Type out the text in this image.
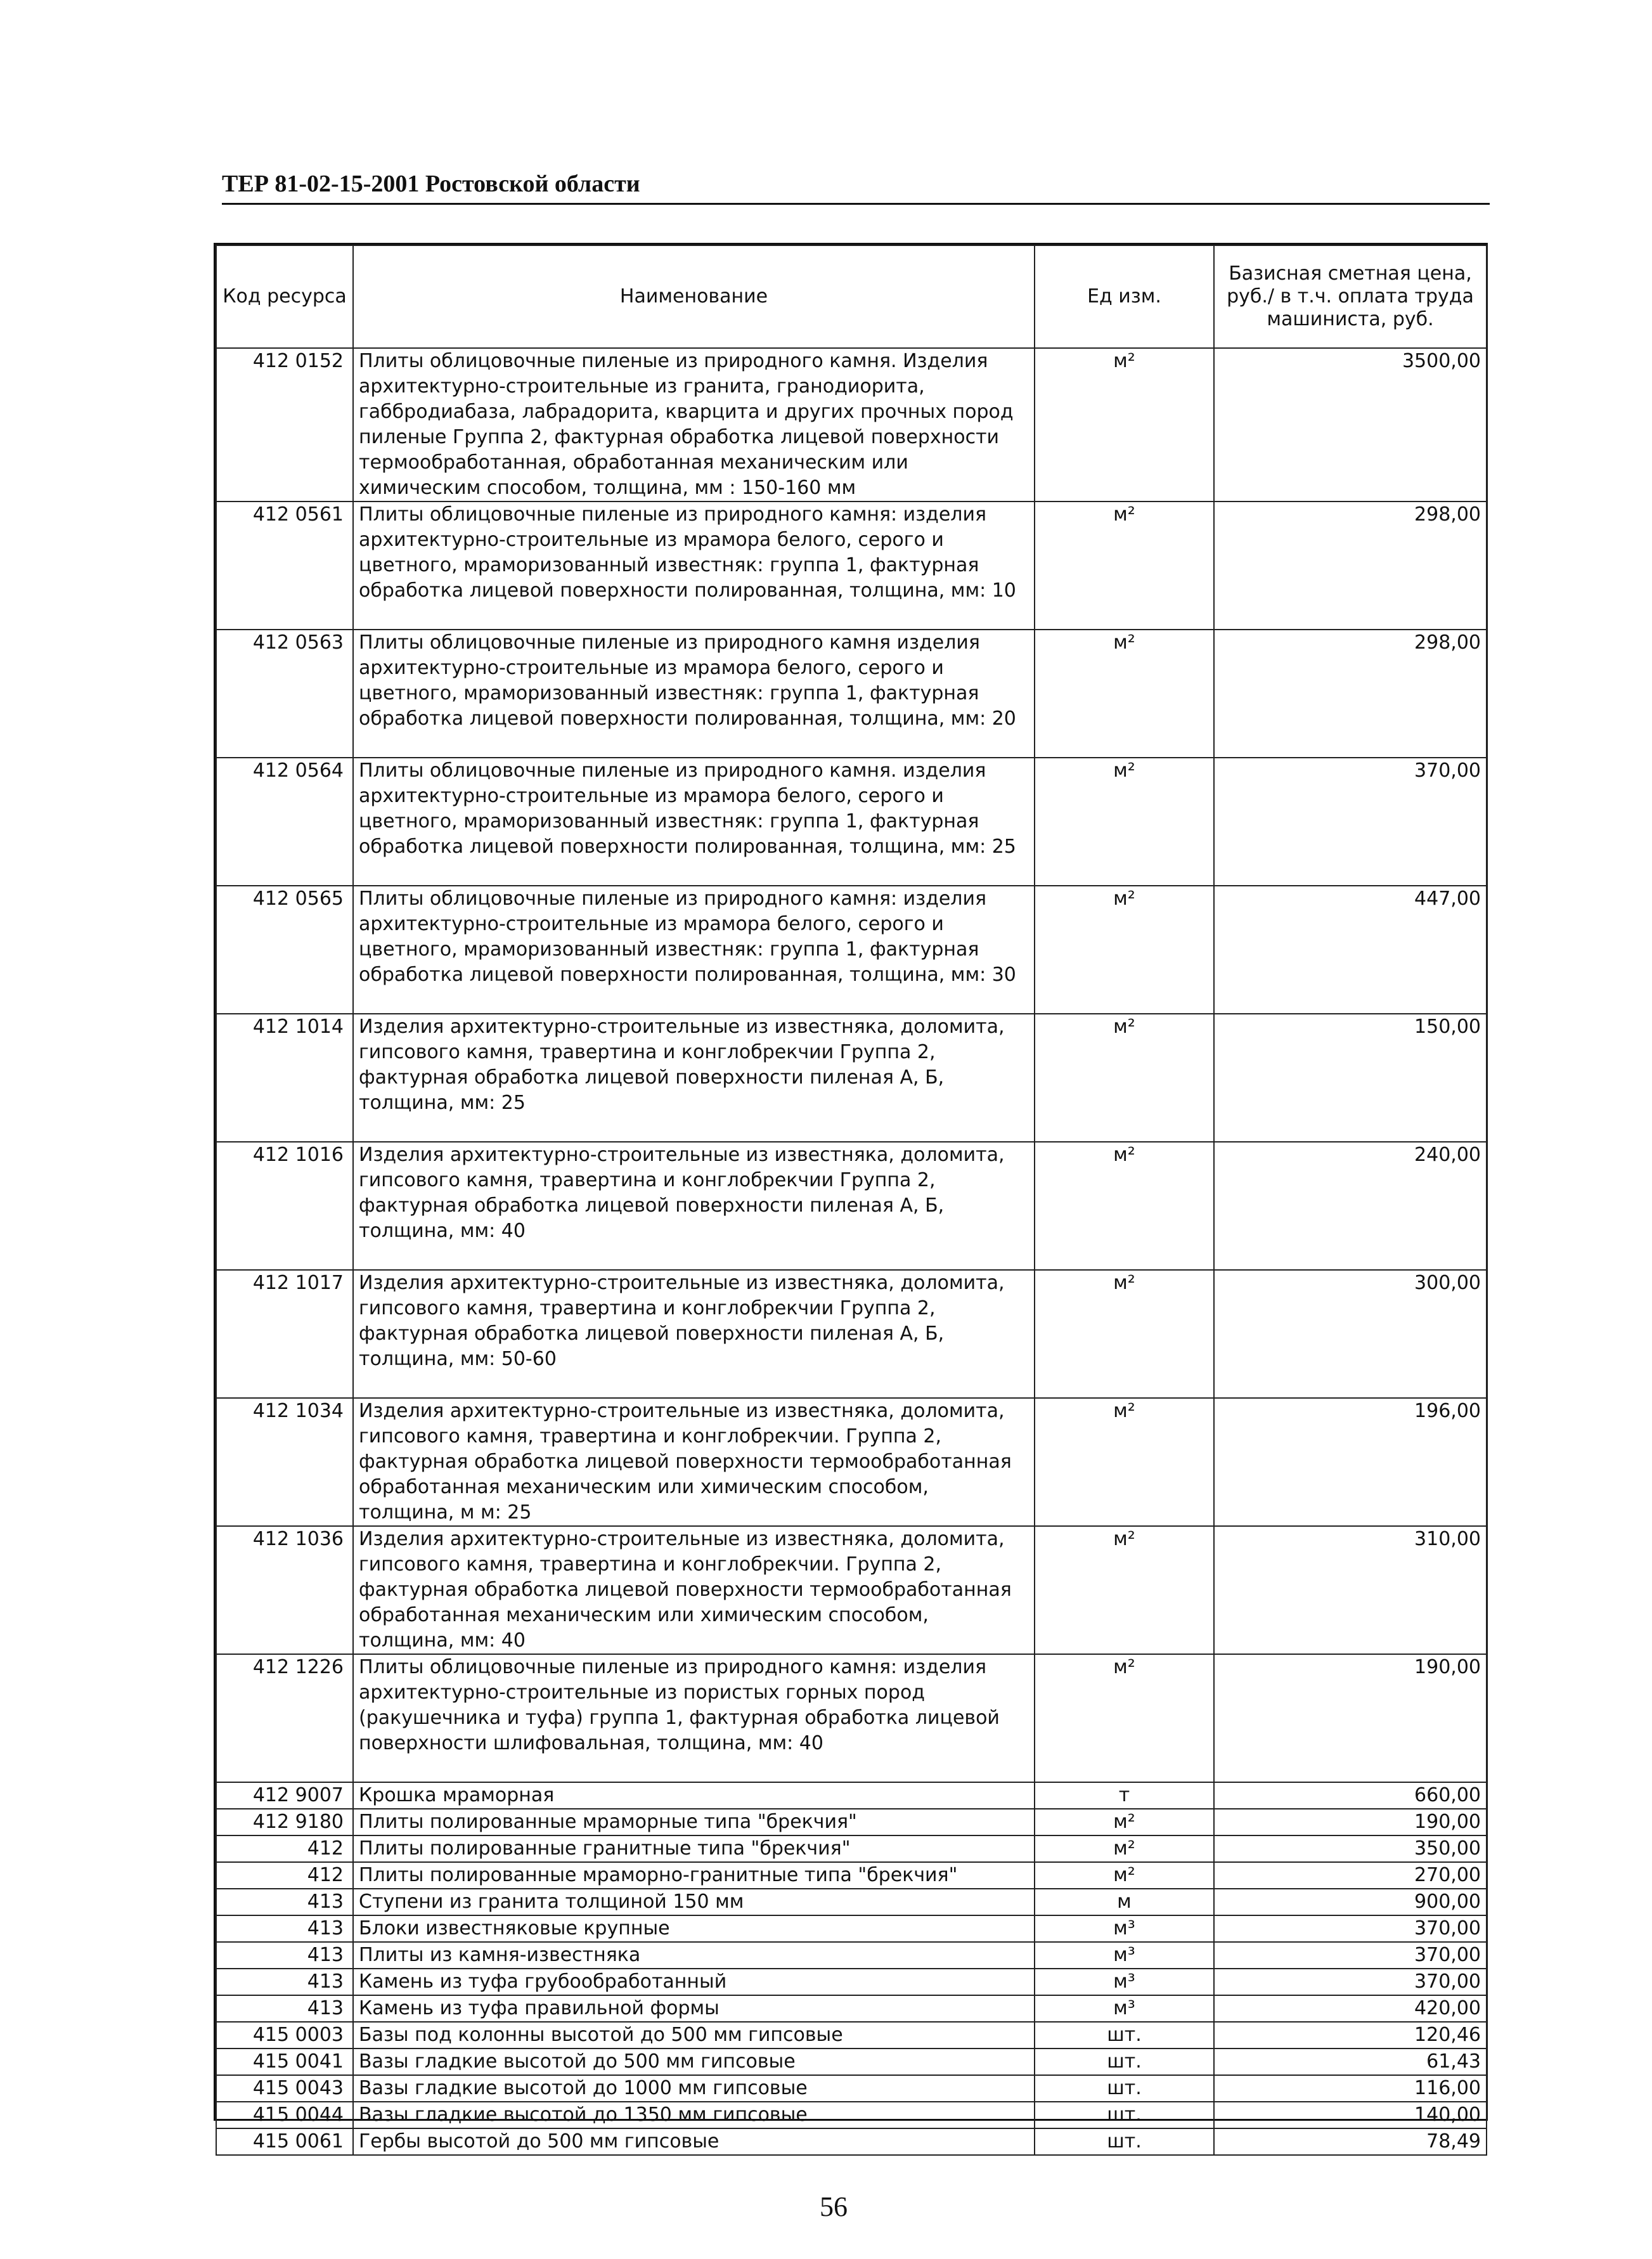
ТЕР 81-02-15-2001 Ростовской области
Код ресурса	Наименование	Ед изм.	Базисная сметная цена, руб./ в т.ч. оплата труда машиниста, руб.
412 0152	Плиты облицовочные пиленые из природного камня. Изделия архитектурно-строительные из гранита, гранодиорита, габбродиабаза, лабрадорита, кварцита и других прочных пород пиленые Группа 2, фактурная обработка лицевой поверхности термообработанная, обработанная механическим или химическим способом, толщина, мм : 150-160 мм	м²	3500,00
412 0561	Плиты облицовочные пиленые из природного камня: изделия архитектурно-строительные из мрамора белого, серого и цветного, мраморизованный известняк: группа 1, фактурная обработка лицевой поверхности полированная, толщина, мм: 10	м²	298,00
412 0563	Плиты облицовочные пиленые из природного камня изделия архитектурно-строительные из мрамора белого, серого и цветного, мраморизованный известняк: группа 1, фактурная обработка лицевой поверхности полированная, толщина, мм: 20	м²	298,00
412 0564	Плиты облицовочные пиленые из природного камня. изделия архитектурно-строительные из мрамора белого, серого и цветного, мраморизованный известняк: группа 1, фактурная обработка лицевой поверхности полированная, толщина, мм: 25	м²	370,00
412 0565	Плиты облицовочные пиленые из природного камня: изделия архитектурно-строительные из мрамора белого, серого и цветного, мраморизованный известняк: группа 1, фактурная обработка лицевой поверхности полированная, толщина, мм: 30	м²	447,00
412 1014	Изделия архитектурно-строительные из известняка, доломита, гипсового камня, травертина и конглобрекчии Группа 2, фактурная обработка лицевой поверхности пиленая А, Б, толщина, мм: 25	м²	150,00
412 1016	Изделия архитектурно-строительные из известняка, доломита, гипсового камня, травертина и конглобрекчии Группа 2, фактурная обработка лицевой поверхности пиленая А, Б, толщина, мм: 40	м²	240,00
412 1017	Изделия архитектурно-строительные из известняка, доломита, гипсового камня, травертина и конглобрекчии Группа 2, фактурная обработка лицевой поверхности пиленая А, Б, толщина, мм: 50-60	м²	300,00
412 1034	Изделия архитектурно-строительные из известняка, доломита, гипсового камня, травертина и конглобрекчии. Группа 2, фактурная обработка лицевой поверхности термообработанная обработанная механическим или химическим способом, толщина, м м: 25	м²	196,00
412 1036	Изделия архитектурно-строительные из известняка, доломита, гипсового камня, травертина и конглобрекчии. Группа 2, фактурная обработка лицевой поверхности термообработанная обработанная механическим или химическим способом, толщина, мм: 40	м²	310,00
412 1226	Плиты облицовочные пиленые из природного камня: изделия архитектурно-строительные из пористых горных пород (ракушечника и туфа) группа 1, фактурная обработка лицевой поверхности шлифовальная, толщина, мм: 40	м²	190,00
412 9007	Крошка мраморная	т	660,00
412 9180	Плиты полированные мраморные типа "брекчия"	м²	190,00
412	Плиты полированные гранитные типа "брекчия"	м²	350,00
412	Плиты полированные мраморно-гранитные типа "брекчия"	м²	270,00
413	Ступени из гранита толщиной 150 мм	м	900,00
413	Блоки известняковые крупные	м³	370,00
413	Плиты из камня-известняка	м³	370,00
413	Камень из туфа грубообработанный	м³	370,00
413	Камень из туфа правильной формы	м³	420,00
415 0003	Базы под колонны высотой до 500 мм гипсовые	шт.	120,46
415 0041	Вазы гладкие высотой до 500 мм гипсовые	шт.	61,43
415 0043	Вазы гладкие высотой до 1000 мм гипсовые	шт.	116,00
415 0044	Вазы гладкие высотой до 1350 мм гипсовые	шт.	140,00
415 0061	Гербы высотой до 500 мм гипсовые	шт.	78,49
56
